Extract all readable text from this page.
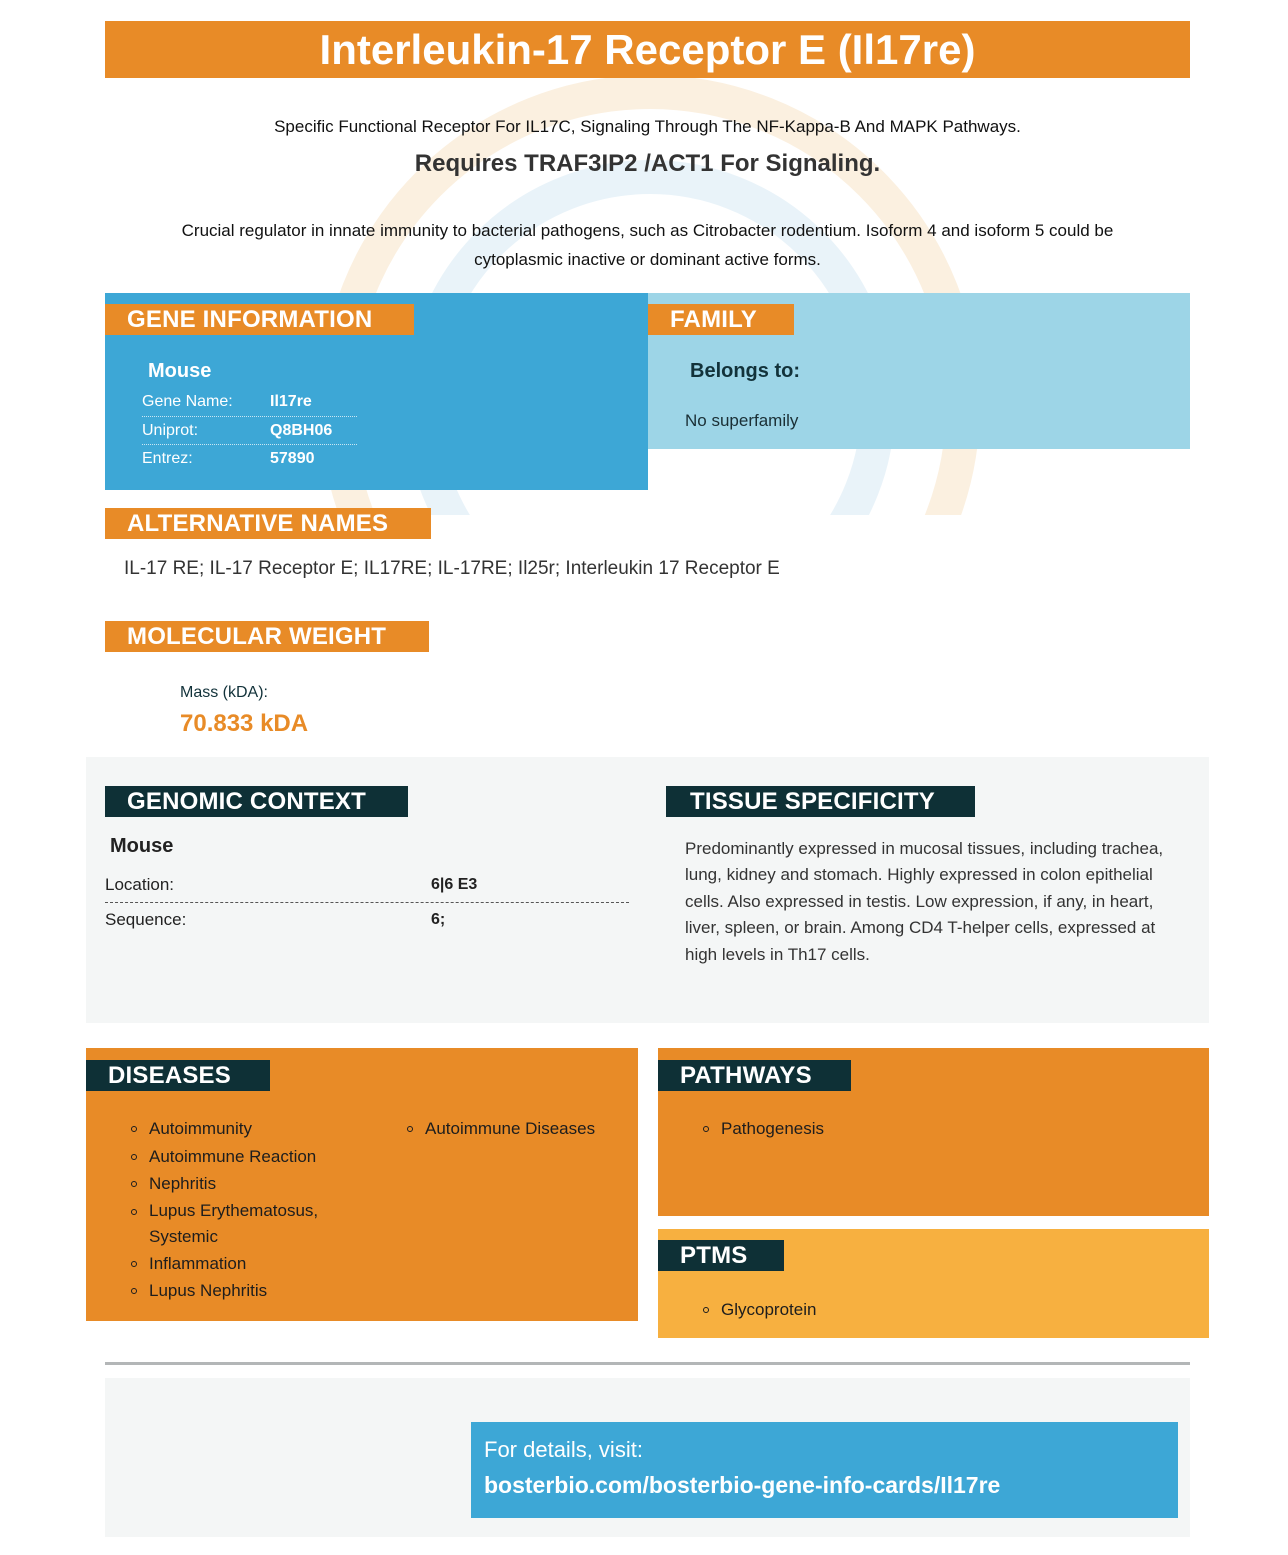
Interleukin-17 Receptor E (Il17re)
Specific Functional Receptor For IL17C, Signaling Through The NF-Kappa-B And MAPK Pathways.
Requires TRAF3IP2 /ACT1 For Signaling.
Crucial regulator in innate immunity to bacterial pathogens, such as Citrobacter rodentium. Isoform 4 and isoform 5 could be cytoplasmic inactive or dominant active forms.
GENE INFORMATION
Mouse
Gene Name:	Il17re
Uniprot:	Q8BH06
Entrez:	57890
FAMILY
Belongs to:
No superfamily
ALTERNATIVE NAMES
IL-17 RE; IL-17 Receptor E; IL17RE; IL-17RE; Il25r; Interleukin 17 Receptor E
MOLECULAR WEIGHT
Mass (kDA):
70.833 kDA
GENOMIC CONTEXT
Mouse
Location:	6|6 E3
Sequence:	6;
TISSUE SPECIFICITY
Predominantly expressed in mucosal tissues, including trachea, lung, kidney and stomach. Highly expressed in colon epithelial cells. Also expressed in testis. Low expression, if any, in heart, liver, spleen, or brain. Among CD4 T-helper cells, expressed at high levels in Th17 cells.
DISEASES
Autoimmunity
Autoimmune Reaction
Nephritis
Lupus Erythematosus, Systemic
Inflammation
Lupus Nephritis
Autoimmune Diseases
PATHWAYS
Pathogenesis
PTMS
Glycoprotein
For details, visit:
bosterbio.com/bosterbio-gene-info-cards/Il17re
